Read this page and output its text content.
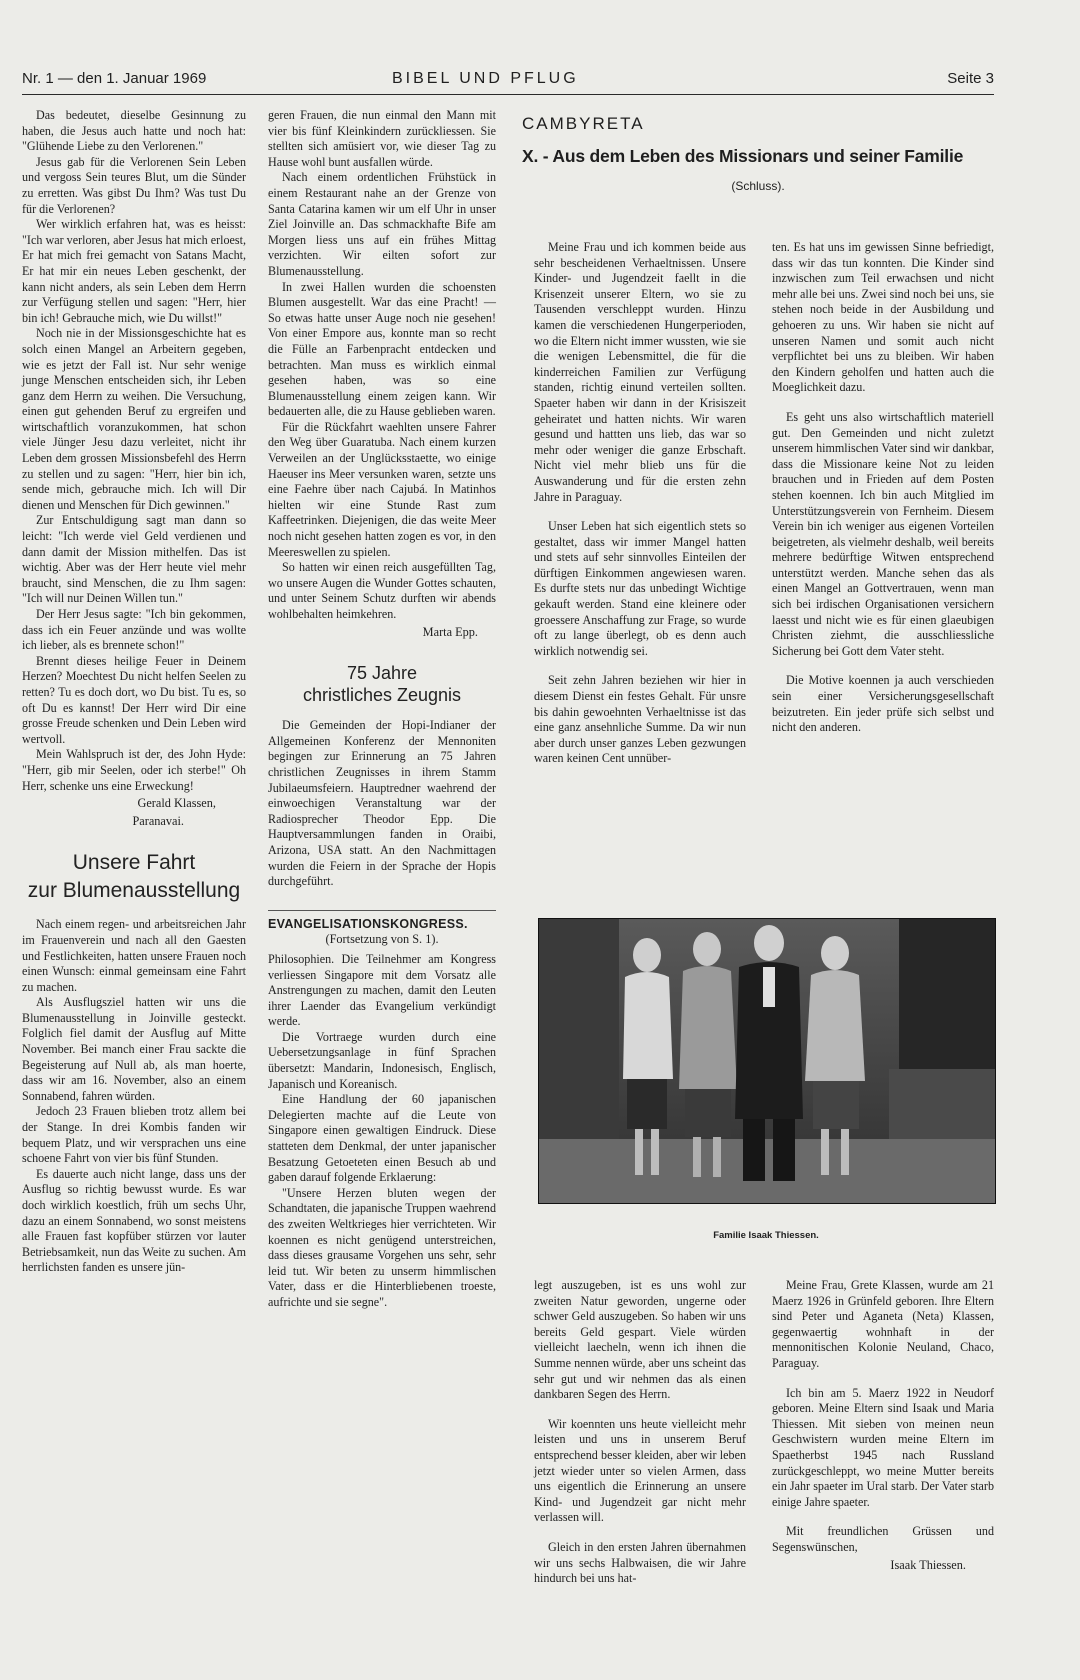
Nr. 1 — den 1. Januar 1969	BIBEL UND PFLUG	Seite 3

Das bedeutet, dieselbe Gesinnung zu haben, die Jesus auch hatte und noch hat: "Glühende Liebe zu den Verlorenen."

Jesus gab für die Verlorenen Sein Leben und vergoss Sein teures Blut, um die Sünder zu erretten. Was gibst Du Ihm? Was tust Du für die Verlorenen?

Wer wirklich erfahren hat, was es heisst: "Ich war verloren, aber Jesus hat mich erloest, Er hat mich frei gemacht von Satans Macht, Er hat mir ein neues Leben geschenkt, der kann nicht anders, als sein Leben dem Herrn zur Verfügung stellen und sagen: "Herr, hier bin ich! Gebrauche mich, wie Du willst!"

Noch nie in der Missionsgeschichte hat es solch einen Mangel an Arbeitern gegeben, wie es jetzt der Fall ist. Nur sehr wenige junge Menschen entscheiden sich, ihr Leben ganz dem Herrn zu weihen. Die Versuchung, einen gut gehenden Beruf zu ergreifen und wirtschaftlich voranzukommen, hat schon viele Jünger Jesu dazu verleitet, nicht ihr Leben dem grossen Missionsbefehl des Herrn zu stellen und zu sagen: "Herr, hier bin ich, sende mich, gebrauche mich. Ich will Dir dienen und Menschen für Dich gewinnen."

Zur Entschuldigung sagt man dann so leicht: "Ich werde viel Geld verdienen und dann damit der Mission mithelfen. Das ist wichtig. Aber was der Herr heute viel mehr braucht, sind Menschen, die zu Ihm sagen: "Ich will nur Deinen Willen tun."

Der Herr Jesus sagte: "Ich bin gekommen, dass ich ein Feuer anzünde und was wollte ich lieber, als es brennete schon!"

Brennt dieses heilige Feuer in Deinem Herzen? Moechtest Du nicht helfen Seelen zu retten? Tu es doch dort, wo Du bist. Tu es, so oft Du es kannst! Der Herr wird Dir eine grosse Freude schenken und Dein Leben wird wertvoll.

Mein Wahlspruch ist der, des John Hyde: "Herr, gib mir Seelen, oder ich sterbe!" Oh Herr, schenke uns eine Erweckung!

Gerald Klassen,
Paranavai.
Unsere Fahrt
zur Blumenausstellung

Nach einem regen- und arbeitsreichen Jahr im Frauenverein und nach all den Gaesten und Festlichkeiten, hatten unsere Frauen noch einen Wunsch: einmal gemeinsam eine Fahrt zu machen.

Als Ausflugsziel hatten wir uns die Blumenausstellung in Joinville gesteckt. Folglich fiel damit der Ausflug auf Mitte November. Bei manch einer Frau sackte die Begeisterung auf Null ab, als man hoerte, dass wir am 16. November, also an einem Sonnabend, fahren würden.

Jedoch 23 Frauen blieben trotz allem bei der Stange. In drei Kombis fanden wir bequem Platz, und wir versprachen uns eine schoene Fahrt von vier bis fünf Stunden.

Es dauerte auch nicht lange, dass uns der Ausflug so richtig bewusst wurde. Es war doch wirklich koestlich, früh um sechs Uhr, dazu an einem Sonnabend, wo sonst meistens alle Frauen fast kopfüber stürzen vor lauter Betriebsamkeit, nun das Weite zu suchen. Am herrlichsten fanden es unsere jün-

geren Frauen, die nun einmal den Mann mit vier bis fünf Kleinkindern zurückliessen. Sie stellten sich amüsiert vor, wie dieser Tag zu Hause wohl bunt ausfallen würde.

Nach einem ordentlichen Frühstück in einem Restaurant nahe an der Grenze von Santa Catarina kamen wir um elf Uhr in unser Ziel Joinville an. Das schmackhafte Bife am Morgen liess uns auf ein frühes Mittag verzichten. Wir eilten sofort zur Blumenausstellung.

In zwei Hallen wurden die schoensten Blumen ausgestellt. War das eine Pracht! — So etwas hatte unser Auge noch nie gesehen! Von einer Empore aus, konnte man so recht die Fülle an Farbenpracht entdecken und betrachten. Man muss es wirklich einmal gesehen haben, was so eine Blumenausstellung einem zeigen kann. Wir bedauerten alle, die zu Hause geblieben waren.

Für die Rückfahrt waehlten unsere Fahrer den Weg über Guaratuba. Nach einem kurzen Verweilen an der Unglücksstaette, wo einige Haeuser ins Meer versunken waren, setzte uns eine Faehre über nach Cajubá. In Matinhos hielten wir eine Stunde Rast zum Kaffeetrinken. Diejenigen, die das weite Meer noch nicht gesehen hatten zogen es vor, in den Meereswellen zu spielen.

So hatten wir einen reich ausgefüllten Tag, wo unsere Augen die Wunder Gottes schauten, und unter Seinem Schutz durften wir abends wohlbehalten heimkehren.

Marta Epp.
75 Jahre
christliches Zeugnis

Die Gemeinden der Hopi-Indianer der Allgemeinen Konferenz der Mennoniten begingen zur Erinnerung an 75 Jahren christlichen Zeugnisses in ihrem Stamm Jubilaeumsfeiern. Hauptredner waehrend der einwoechigen Veranstaltung war der Radiosprecher Theodor Epp. Die Hauptversammlungen fanden in Oraibi, Arizona, USA statt. An den Nachmittagen wurden die Feiern in der Sprache der Hopis durchgeführt.

EVANGELISATIONSKONGRESS.
(Fortsetzung von S. 1).

Philosophien. Die Teilnehmer am Kongress verliessen Singapore mit dem Vorsatz alle Anstrengungen zu machen, damit den Leuten ihrer Laender das Evangelium verkündigt werde.

Die Vortraege wurden durch eine Uebersetzungsanlage in fünf Sprachen übersetzt: Mandarin, Indonesisch, Englisch, Japanisch und Koreanisch.

Eine Handlung der 60 japanischen Delegierten machte auf die Leute von Singapore einen gewaltigen Eindruck. Diese statteten dem Denkmal, der unter japanischer Besatzung Getoeteten einen Besuch ab und gaben darauf folgende Erklaerung:

"Unsere Herzen bluten wegen der Schandtaten, die japanische Truppen waehrend des zweiten Weltkrieges hier verrichteten. Wir koennen es nicht genügend unterstreichen, dass dieses grausame Vorgehen uns sehr, sehr leid tut. Wir beten zu unserm himmlischen Vater, dass er die Hinterbliebenen troeste, aufrichte und sie segne".

CAMBYRETA
X. - Aus dem Leben des Missionars und seiner Familie
(Schluss).

Meine Frau und ich kommen beide aus sehr bescheidenen Verhaeltnissen. Unsere Kinder- und Jugendzeit faellt in die Krisenzeit unserer Eltern, wo sie zu Tausenden verschleppt wurden. Hinzu kamen die verschiedenen Hungerperioden, wo die Eltern nicht immer wussten, wie sie die wenigen Lebensmittel, die für die kinderreichen Familien zur Verfügung standen, richtig einund verteilen sollten. Spaeter haben wir dann in der Krisiszeit geheiratet und hatten nichts. Wir waren gesund und hattten uns lieb, das war so mehr oder weniger die ganze Erbschaft. Nicht viel mehr blieb uns für die Auswanderung und für die ersten zehn Jahre in Paraguay.

Unser Leben hat sich eigentlich stets so gestaltet, dass wir immer Mangel hatten und stets auf sehr sinnvolles Einteilen der dürftigen Einkommen angewiesen waren. Es durfte stets nur das unbedingt Wichtige gekauft werden. Stand eine kleinere oder groessere Anschaffung zur Frage, so wurde oft zu lange überlegt, ob es denn auch wirklich notwendig sei.

Seit zehn Jahren beziehen wir hier in diesem Dienst ein festes Gehalt. Für unsre bis dahin gewoehnten Verhaeltnisse ist das eine ganz ansehnliche Summe. Da wir nun aber durch unser ganzes Leben gezwungen waren keinen Cent unnüber-

ten. Es hat uns im gewissen Sinne befriedigt, dass wir das tun konnten. Die Kinder sind inzwischen zum Teil erwachsen und nicht mehr alle bei uns. Zwei sind noch bei uns, sie stehen noch beide in der Ausbildung und gehoeren zu uns. Wir haben sie nicht auf unseren Namen und somit auch nicht verpflichtet bei uns zu bleiben. Wir haben den Kindern geholfen und hatten auch die Moeglichkeit dazu.

Es geht uns also wirtschaftlich materiell gut. Den Gemeinden und nicht zuletzt unserem himmlischen Vater sind wir dankbar, dass die Missionare keine Not zu leiden brauchen und in Frieden auf dem Posten stehen koennen. Ich bin auch Mitglied im Unterstützungsverein von Fernheim. Diesem Verein bin ich weniger aus eigenen Vorteilen beigetreten, als vielmehr deshalb, weil bereits mehrere bedürftige Witwen entsprechend unterstützt werden. Manche sehen das als einen Mangel an Gottvertrauen, wenn man sich bei irdischen Organisationen versichern laesst und nicht wie es für einen glaeubigen Christen ziehmt, die ausschliessliche Sicherung bei Gott dem Vater steht.

Die Motive koennen ja auch verschieden sein einer Versicherungsgesellschaft beizutreten. Ein jeder prüfe sich selbst und nicht den anderen.

Familie Isaak Thiessen.

legt auszugeben, ist es uns wohl zur zweiten Natur geworden, ungerne oder schwer Geld auszugeben. So haben wir uns bereits Geld gespart. Viele würden vielleicht laecheln, wenn ich ihnen die Summe nennen würde, aber uns scheint das sehr gut und wir nehmen das als einen dankbaren Segen des Herrn.

Wir koennten uns heute vielleicht mehr leisten und uns in unserem Beruf entsprechend besser kleiden, aber wir leben jetzt wieder unter so vielen Armen, dass uns eigentlich die Erinnerung an unsere Kind- und Jugendzeit gar nicht mehr verlassen will.

Gleich in den ersten Jahren übernahmen wir uns sechs Halbwaisen, die wir Jahre hindurch bei uns hat-

Meine Frau, Grete Klassen, wurde am 21 Maerz 1926 in Grünfeld geboren. Ihre Eltern sind Peter und Aganeta (Neta) Klassen, gegenwaertig wohnhaft in der mennonitischen Kolonie Neuland, Chaco, Paraguay.

Ich bin am 5. Maerz 1922 in Neudorf geboren. Meine Eltern sind Isaak und Maria Thiessen. Mit sieben von meinen neun Geschwistern wurden meine Eltern im Spaetherbst 1945 nach Russland zurückgeschleppt, wo meine Mutter bereits ein Jahr spaeter im Ural starb. Der Vater starb einige Jahre spaeter.

Mit freundlichen Grüssen und Segenswünschen,

Isaak Thiessen.
